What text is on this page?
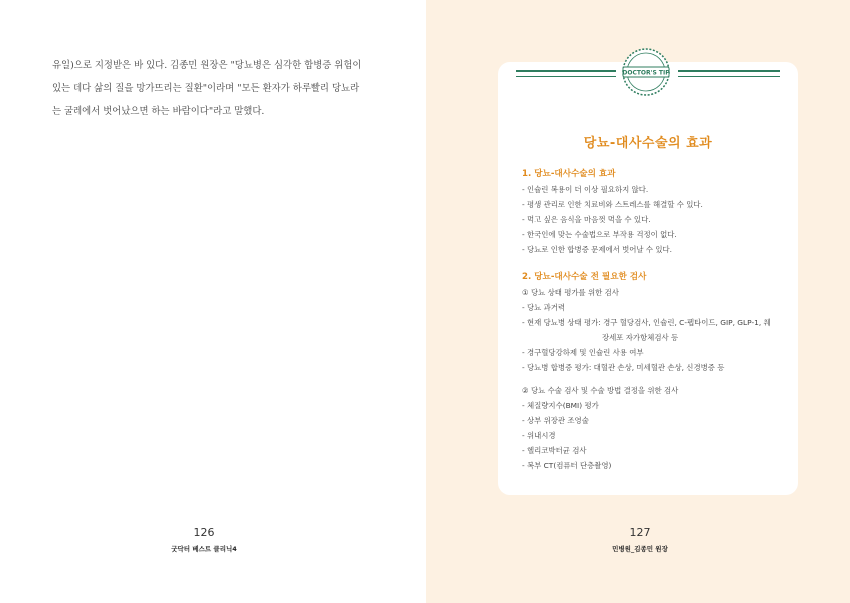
유일)으로 지정받은 바 있다. 김종민 원장은 "당뇨병은 심각한 합병증 위험이
있는 데다 삶의 질을 망가뜨리는 질환"이라며 "모든 환자가 하루빨리 당뇨라
는 굴레에서 벗어났으면 하는 바람이다"라고 말했다.
126
굿닥터 베스트 클리닉4
DOCTOR'S TIP
당뇨-대사수술의 효과
1. 당뇨-대사수술의 효과
- 인슐린 복용이 더 이상 필요하지 않다.
- 평생 관리로 인한 치료비와 스트레스를 해결할 수 있다.
- 먹고 싶은 음식을 마음껏 먹을 수 있다.
- 한국인에 맞는 수술법으로 부작용 걱정이 없다.
- 당뇨로 인한 합병증 문제에서 벗어날 수 있다.
2. 당뇨-대사수술 전 필요한 검사
① 당뇨 상태 평가를 위한 검사
- 당뇨 과거력
- 현재 당뇨병 상태 평가: 경구 혈당검사, 인슐린, C-펩타이드, GIP, GLP-1, 췌
장세포 자가항체검사 등
- 경구혈당강하제 및 인슐린 사용 여부
- 당뇨병 합병증 평가: 대혈관 손상, 미세혈관 손상, 신경병증 등
② 당뇨 수술 검사 및 수술 방법 결정을 위한 검사
- 체질량지수(BMI) 평가
- 상부 위장관 조영술
- 위내시경
- 헬리코박터균 검사
- 복부 CT(컴퓨터 단층촬영)
127
민병원_김종민 원장
